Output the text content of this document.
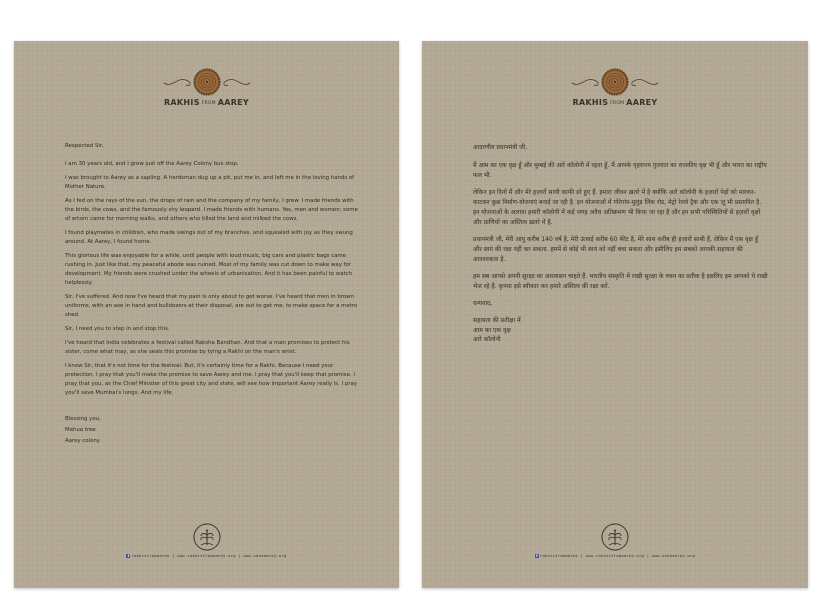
RAKHIS FROM AAREY

Respected Sir,

I am 30 years old, and I grow just off the Aarey Colony bus stop.

I was brought to Aarey as a sapling. A herdsman dug up a pit, put me in, and left me in the loving hands of Mother Nature.

As I fed on the rays of the sun, the drops of rain and the company of my family, I grew. I made friends with the birds, the cows, and the famously shy leopard. I made friends with humans. Yes, men and women; some of whom came for morning walks, and others who tilled the land and milked the cows.

I found playmates in children, who made swings out of my branches, and squealed with joy as they swung around. At Aarey, I found home.

This glorious life was enjoyable for a while, until people with loud music, big cars and plastic bags came rushing in. Just like that, my peaceful abode was ruined. Most of my family was cut down to make way for development. My friends were crushed under the wheels of urbanisation. And it has been painful to watch helplessly.

Sir, I've suffered. And now I've heard that my pain is only about to get worse. I've heard that men in brown uniforms, with an axe in hand and bulldozers at their disposal, are out to get me, to make space for a metro shed.

Sir, I need you to step in and stop this.

I've heard that India celebrates a festival called Raksha Bandhan. And that a man promises to protect his sister, come what may, as she seals this promise by tying a Rakhi on the man's wrist.

I know Sir, that it's not time for the festival. But, it's certainly time for a Rakhi. Because I need your protection. I pray that you'll make the promise to save Aarey and me. I pray that you'll keep that promise. I pray that you, as the Chief Minister of this great city and state, will see how important Aarey really is. I pray you'll save Mumbai's lungs. And my life.

Blessing you,
Mahua tree
Aarey colony
f rakhisfromaarey | www.rakhisfromaarey.org | www.saveaarey.org
RAKHIS FROM AAREY

आदरणीय प्रधानमंत्री जी,

मैं आम का एक वृक्ष हूँ और मुम्बई की आरे कॉलोनी में रहता हूँ. मैं आपके गृहराज्य गुजरात का राजकीय वृक्ष भी हूँ और भारत का राष्ट्रीय फल भी.

लेकिन इन दिनों मैं और मेरे हज़ारों साथी काफी डरे हुए हैं. हमारा जीवन ख़तरे में है क्योंकि आरे कॉलोनी के हज़ारों पेड़ों को मारकर-काटकर कुछ निर्माण-योजनाएं बनाई जा रही है. इन योजनाओं में गोरेगांव-मुलुंड लिंक रोड, मेट्रो रेलवे ट्रैक और एक ज़ू भी प्रस्तावित है. इन योजनाओं के अलावा हमारी कॉलोनी में कई जगह अवैध अतिक्रमण भी किया जा रहा है और इन सभी परिस्थितियों से हज़ारों वृक्षों और प्राणियों का अस्तित्व ख़तरे में है.

प्रधानमंत्री जी, मेरी आयु करीब 140 वर्ष है, मेरी ऊंचाई करीब 60 फीट है, मेरे साथ करीब ही हज़ारों साथी हैं, लेकिन मैं एक वृक्ष हूँ और स्वयं की रक्षा नहीं कर सकता. हममें से कोई भी स्वयं को नहीं बचा सकता और इसीलिए हम सबको आपकी सहायता की आवश्यकता है.

हम सब आपसे अपनी सुरक्षा का आश्वासन चाहते हैं. भारतीय संस्कृति में राखी सुरक्षा के वचन का प्रतीक है इसलिए हम आपको ये राखी भेज रहे हैं. कृपया इसे स्वीकार कर हमारे अस्तित्व की रक्षा करें.

धन्यवाद,

सहायता की प्रतीक्षा में
आम का एक वृक्ष
आरे कॉलोनी
f rakhisfromaarey | www.rakhisfromaarey.org | www.saveaarey.org
